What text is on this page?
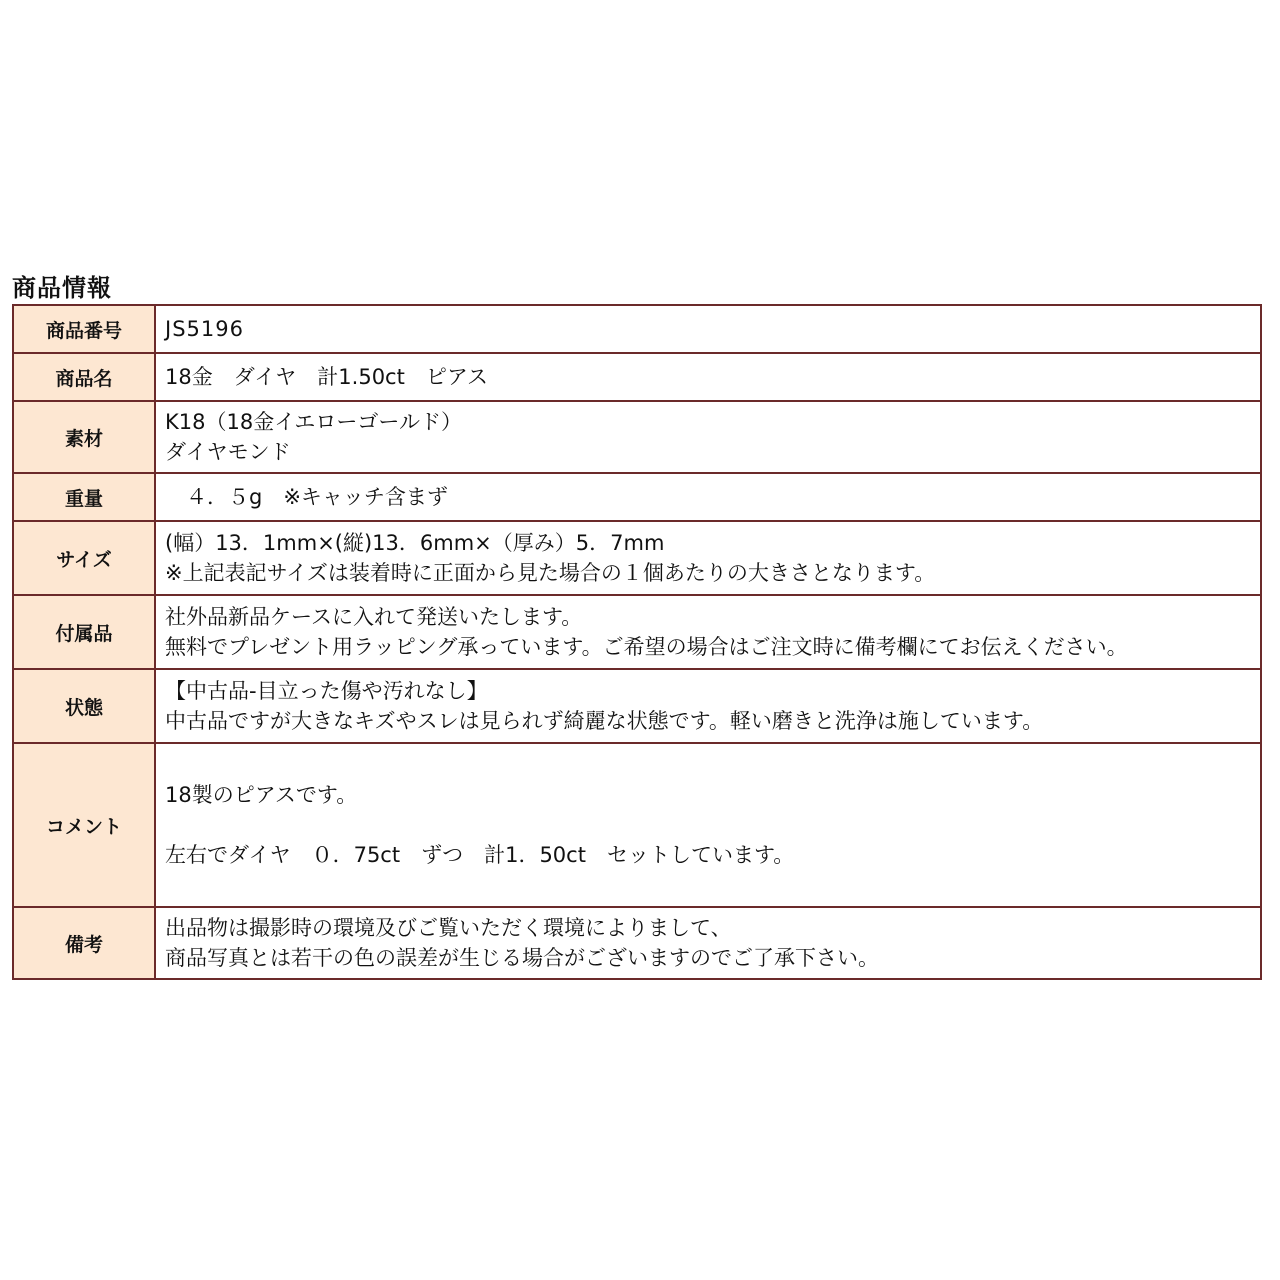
商品情報
商品番号	JS5196

商品名	18金　ダイヤ　計1.50ct　ピアス

素材	K18（18金イエローゴールド）
ダイヤモンド

重量	　４．５g　※キャッチ含まず

サイズ	(幅）13．1mm×(縦)13．6mm×（厚み）5．7mm
※上記表記サイズは装着時に正面から見た場合の１個あたりの大きさとなります。

付属品	社外品新品ケースに入れて発送いたします。
無料でプレゼント用ラッピング承っています。ご希望の場合はご注文時に備考欄にてお伝えください。

状態	【中古品-目立った傷や汚れなし】
中古品ですが大きなキズやスレは見られず綺麗な状態です。軽い磨きと洗浄は施しています。

コメント	18製のピアスです。
左右でダイヤ　０．75ct　ずつ　計1．50ct　セットしています。

備考	出品物は撮影時の環境及びご覧いただく環境によりまして、
商品写真とは若干の色の誤差が生じる場合がございますのでご了承下さい。
